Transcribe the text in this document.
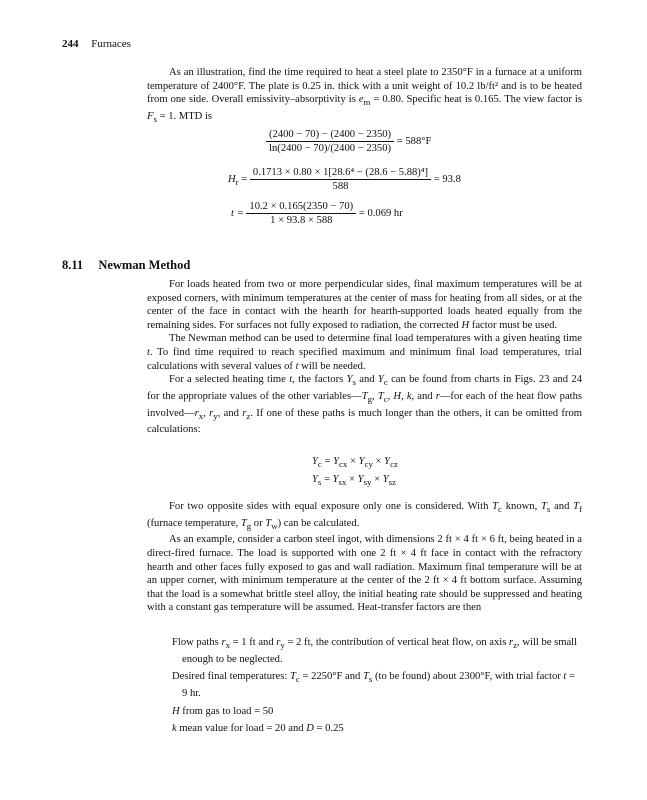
244 Furnaces

As an illustration, find the time required to heat a steel plate to 2350°F in a furnace at a uniform temperature of 2400°F. The plate is 0.25 in. thick with a unit weight of 10.2 lb/ft² and is to be heated from one side. Overall emissivity–absorptivity is $e_m = 0.80$. Specific heat is 0.165. The view factor is $F_s = 1$. MTD is

$\frac{(2400 - 70) - (2400 - 2350)}{\ln(2400 - 70)/(2400 - 2350)} = 588^\circ F$
$H_r = \frac{\text{0.1713 × 0.80 × 1[28.6⁴ − (28.6 − 5.88)⁴]}}{588} = 93.8$
$t = \frac{10.2 \times 0.165(2350 - 70)}{1 \times 93.8 \times 588} = 0.069$ hr
8.11 Newman Method

For loads heated from two or more perpendicular sides, final maximum temperatures will be at exposed corners, with minimum temperatures at the center of mass for heating from all sides, or at the center of the face in contact with the hearth for hearth-supported loads heated equally from the remaining sides. For surfaces not fully exposed to radiation, the corrected H factor must be used.

The Newman method can be used to determine final load temperatures with a given heating time t. To find time required to reach specified maximum and minimum final load temperatures, trial calculations with several values of t will be needed.

For a selected heating time t, the factors $Y_s$ and $Y_c$ can be found from charts in Figs. 23 and 24 for the appropriate values of the other $variables—T_g$, $T_c$, H, k, and r—for each of the heat flow paths $involved—r_x$, $r_y$, and $r_z$. If one of these paths is much longer than the others, it can be omitted from calculations:

$Y_c = Y_{cx} \times Y_{cy} \times Y_{cz}$
$Y_s = Y_{sx} \times Y_{sy} \times Y_{sz}$

For two opposite sides with equal exposure only one is considered. With $T_c$ known, $T_s$ and $T_f$ (furnace temperature, $T_g$ or $T_w$) can be calculated.

As an example, consider a carbon steel ingot, with dimensions 2 ft × 4 ft × 6 ft, being heated in a direct-fired furnace. The load is supported with one 2 ft × 4 ft face in contact with the refractory hearth and other faces fully exposed to gas and wall radiation. Maximum final temperature will be at an upper corner, with minimum temperature at the center of the 2 ft × 4 ft bottom surface. Assuming that the load is a somewhat brittle steel alloy, the initial heating rate should be suppressed and heating with a constant gas temperature will be assumed. Heat-transfer factors are then

Flow paths $r_x = 1$ ft and $r_y = 2$ ft, the contribution of vertical heat flow, on axis $r_z$, will be small enough to be neglected.

Desired final temperatures: $T_c = 2250^\circ F$ and $T_s$ (to be found) about 2300°F, with trial factor t = 9 hr.

H from gas to load = 50

k mean value for load = 20 and D = 0.25
